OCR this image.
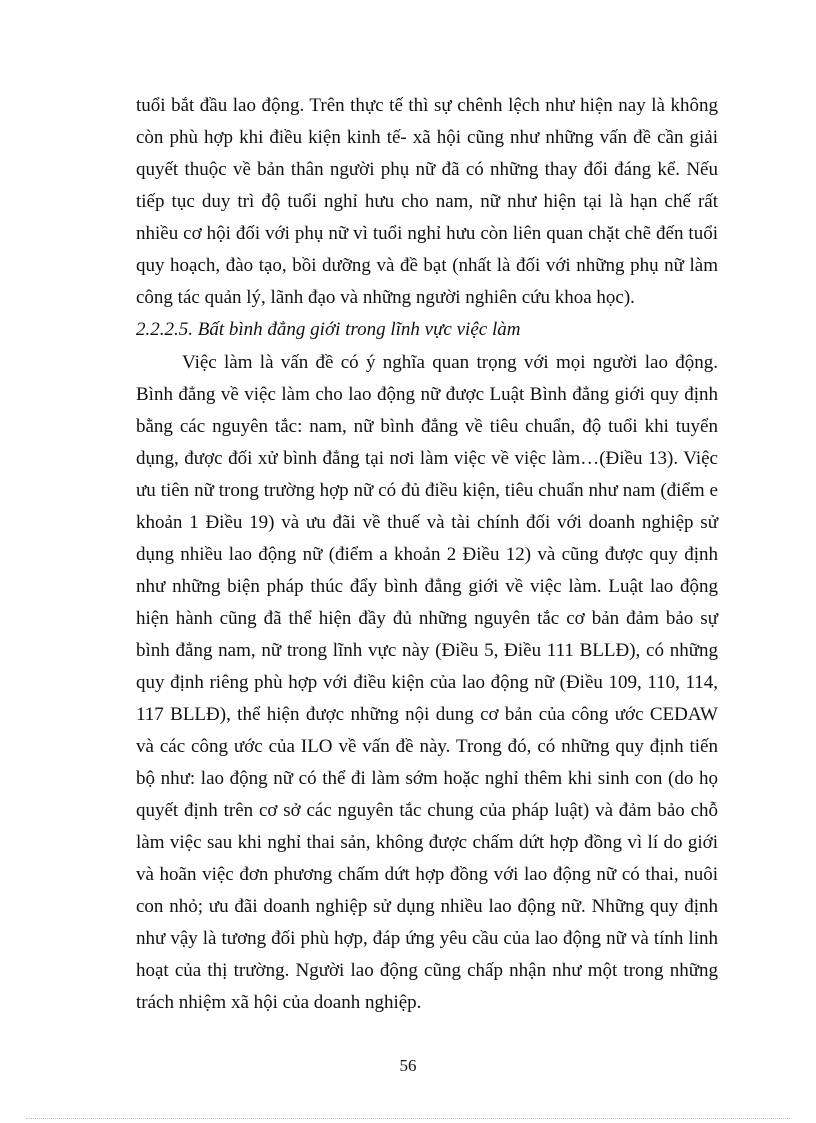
tuổi bắt đầu lao động. Trên thực tế thì sự chênh lệch như hiện nay là không còn phù hợp khi điều kiện kinh tế- xã hội cũng như những vấn đề cần giải quyết thuộc về bản thân người phụ nữ đã có những thay đổi đáng kể. Nếu tiếp tục duy trì độ tuổi nghỉ hưu cho nam, nữ như hiện tại là hạn chế rất nhiều cơ hội đối với phụ nữ vì tuổi nghỉ hưu còn liên quan chặt chẽ đến tuổi quy hoạch, đào tạo, bồi dưỡng và đề bạt (nhất là đối với những phụ nữ làm công tác quản lý, lãnh đạo và những người nghiên cứu khoa học).

2.2.2.5. Bất bình đẳng giới trong lĩnh vực việc làm

Việc làm là vấn đề có ý nghĩa quan trọng với mọi người lao động. Bình đẳng về việc làm cho lao động nữ được Luật Bình đẳng giới quy định bằng các nguyên tắc: nam, nữ bình đẳng về tiêu chuẩn, độ tuổi khi tuyển dụng, được đối xử bình đẳng tại nơi làm việc về việc làm…(Điều 13). Việc ưu tiên nữ trong trường hợp nữ có đủ điều kiện, tiêu chuẩn như nam (điểm e khoản 1 Điều 19) và ưu đãi về thuế và tài chính đối với doanh nghiệp sử dụng nhiều lao động nữ (điểm a khoản 2 Điều 12) và cũng được quy định như những biện pháp thúc đẩy bình đẳng giới về việc làm. Luật lao động hiện hành cũng đã thể hiện đầy đủ những nguyên tắc cơ bản đảm bảo sự bình đẳng nam, nữ trong lĩnh vực này (Điều 5, Điều 111 BLLĐ), có những quy định riêng phù hợp với điều kiện của lao động nữ (Điều 109, 110, 114, 117 BLLĐ), thể hiện được những nội dung cơ bản của công ước CEDAW và các công ước của ILO về vấn đề này. Trong đó, có những quy định tiến bộ như: lao động nữ có thể đi làm sớm hoặc nghỉ thêm khi sinh con (do họ quyết định trên cơ sở các nguyên tắc chung của pháp luật) và đảm bảo chỗ làm việc sau khi nghỉ thai sản, không được chấm dứt hợp đồng vì lí do giới và hoãn việc đơn phương chấm dứt hợp đồng với lao động nữ có thai, nuôi con nhỏ; ưu đãi doanh nghiệp sử dụng nhiều lao động nữ. Những quy định như vậy là tương đối phù hợp, đáp ứng yêu cầu của lao động nữ và tính linh hoạt của thị trường. Người lao động cũng chấp nhận như một trong những trách nhiệm xã hội của doanh nghiệp.

56
